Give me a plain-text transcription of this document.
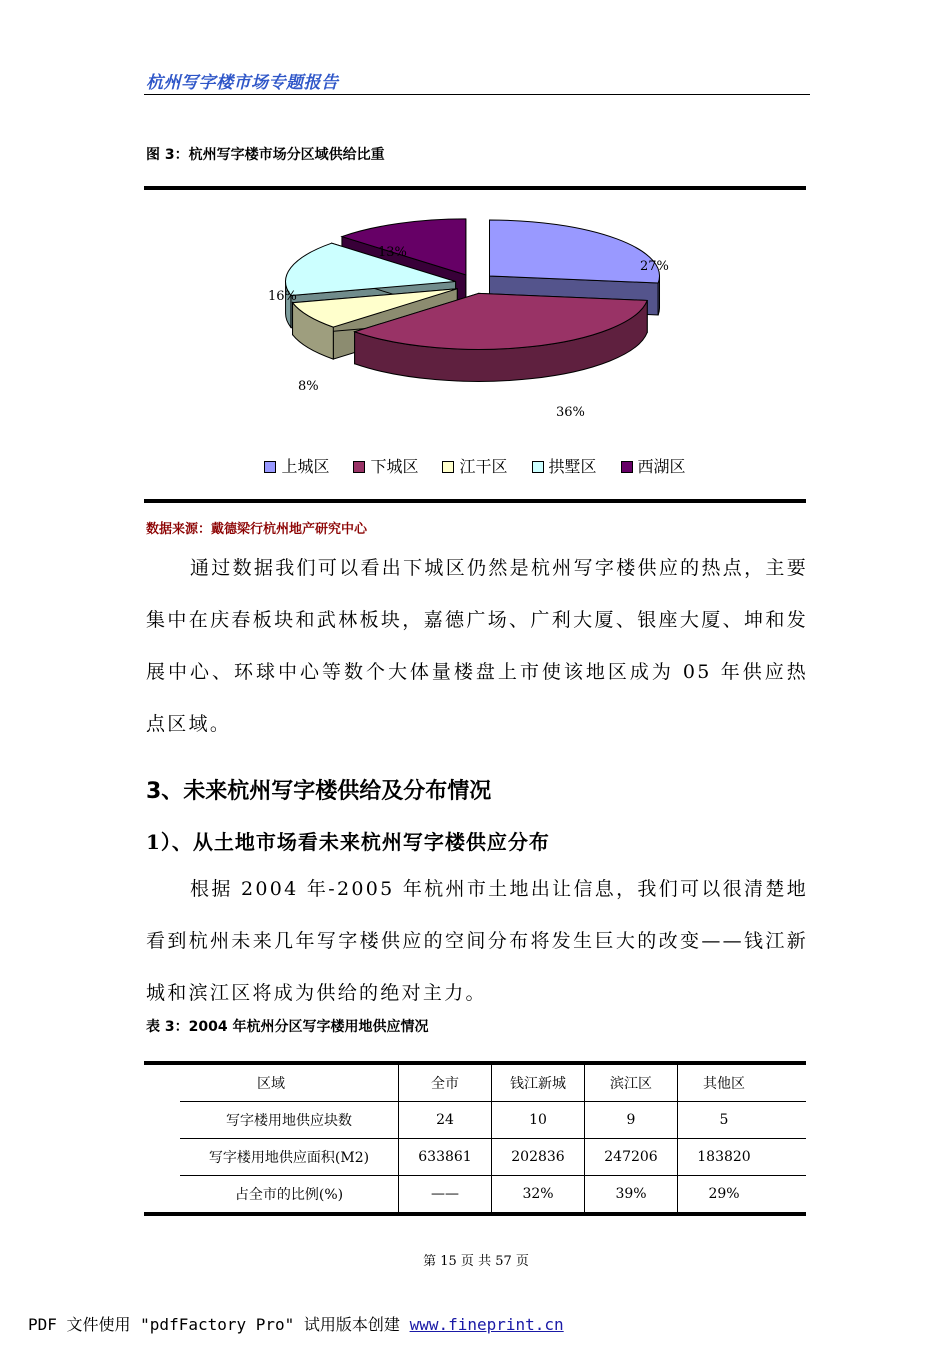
杭州写字楼市场专题报告
图 3：杭州写字楼市场分区域供给比重
27%
36%
8%
16%
13%
上城区	下城区	江干区	拱墅区	西湖区
数据来源：戴德梁行杭州地产研究中心
通过数据我们可以看出下城区仍然是杭州写字楼供应的热点，主要集中在庆春板块和武林板块，嘉德广场、广利大厦、银座大厦、坤和发展中心、环球中心等数个大体量楼盘上市使该地区成为 05 年供应热点区域。
3、未来杭州写字楼供给及分布情况
1）、从土地市场看未来杭州写字楼供应分布
根据 2004 年-2005 年杭州市土地出让信息，我们可以很清楚地看到杭州未来几年写字楼供应的空间分布将发生巨大的改变——钱江新城和滨江区将成为供给的绝对主力。
表 3：2004 年杭州分区写字楼用地供应情况
区域		全市	钱江新城	滨江区	其他区	
	写字楼用地供应块数	24	10	9	5	
	写字楼用地供应面积(M2)	633861	202836	247206	183820	
	占全市的比例(%)	——	32%	39%	29%	
第 15 页 共 57 页
PDF 文件使用 "pdfFactory Pro" 试用版本创建 www.fineprint.cn
